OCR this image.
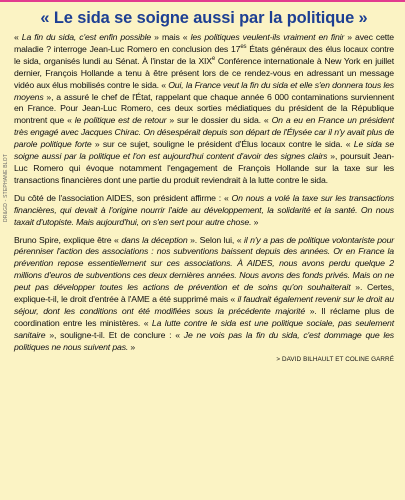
DR&GD - STEPHANE BLOT
« Le sida se soigne aussi par la politique »

« La fin du sida, c'est enfin possible » mais « les politiques veulent-ils vraiment en finir » avec cette maladie ? interroge Jean-Luc Romero en conclusion des $17^{es}$ États généraux des élus locaux contre le sida, organisés lundi au Sénat. À l'instar de la XIXe Conférence internationale à New York en juillet dernier, François Hollande a tenu à être présent lors de ce rendez-vous en adressant un message vidéo aux élus mobilisés contre le sida. « Oui, la France veut la fin du sida et elle s'en donnera tous les moyens », a assuré le chef de l'État, rappelant que chaque année 6 000 contaminations surviennent en France. Pour Jean-Luc Romero, ces deux sorties médiatiques du président de la République montrent que « le politique est de retour » sur le dossier du sida. « On a eu en France un président très engagé avec Jacques Chirac. On désespérait depuis son départ de l'Élysée car il n'y avait plus de parole politique forte » sur ce sujet, souligne le président d'Élus locaux contre le sida. « Le sida se soigne aussi par la politique et l'on est aujourd'hui content d'avoir des signes clairs », poursuit Jean-Luc Romero qui évoque notamment l'engagement de François Hollande sur la taxe sur les transactions financières dont une partie du produit reviendrait à la lutte contre le sida.

Du côté de l'association AIDES, son président affirme : « On nous a volé la taxe sur les transactions financières, qui devait à l'origine nourrir l'aide au développement, la solidarité et la santé. On nous taxait d'utopiste. Mais aujourd'hui, on s'en sert pour autre chose. »

Bruno Spire, explique être « dans la déception ». Selon lui, « il n'y a pas de politique volontariste pour pérenniser l'action des associations : nos subventions baissent depuis des années. Or en France la prévention repose essentiellement sur ces associations. À AIDES, nous avons perdu quelque 2 millions d'euros de subventions ces deux dernières années. Nous avons des fonds privés. Mais on ne peut pas développer toutes les actions de prévention et de soins qu'on souhaiterait ». Certes, explique-t-il, le droit d'entrée à l'AME a été supprimé mais « il faudrait également revenir sur le droit au séjour, dont les conditions ont été modifiées sous la précédente majorité ». Il réclame plus de coordination entre les ministères. « La lutte contre le sida est une politique sociale, pas seulement sanitaire », souligne-t-il. Et de conclure : « Je ne vois pas la fin du sida, c'est dommage que les politiques ne nous suivent pas. »

> DAVID BILHAULT ET COLINE GARRÉ
